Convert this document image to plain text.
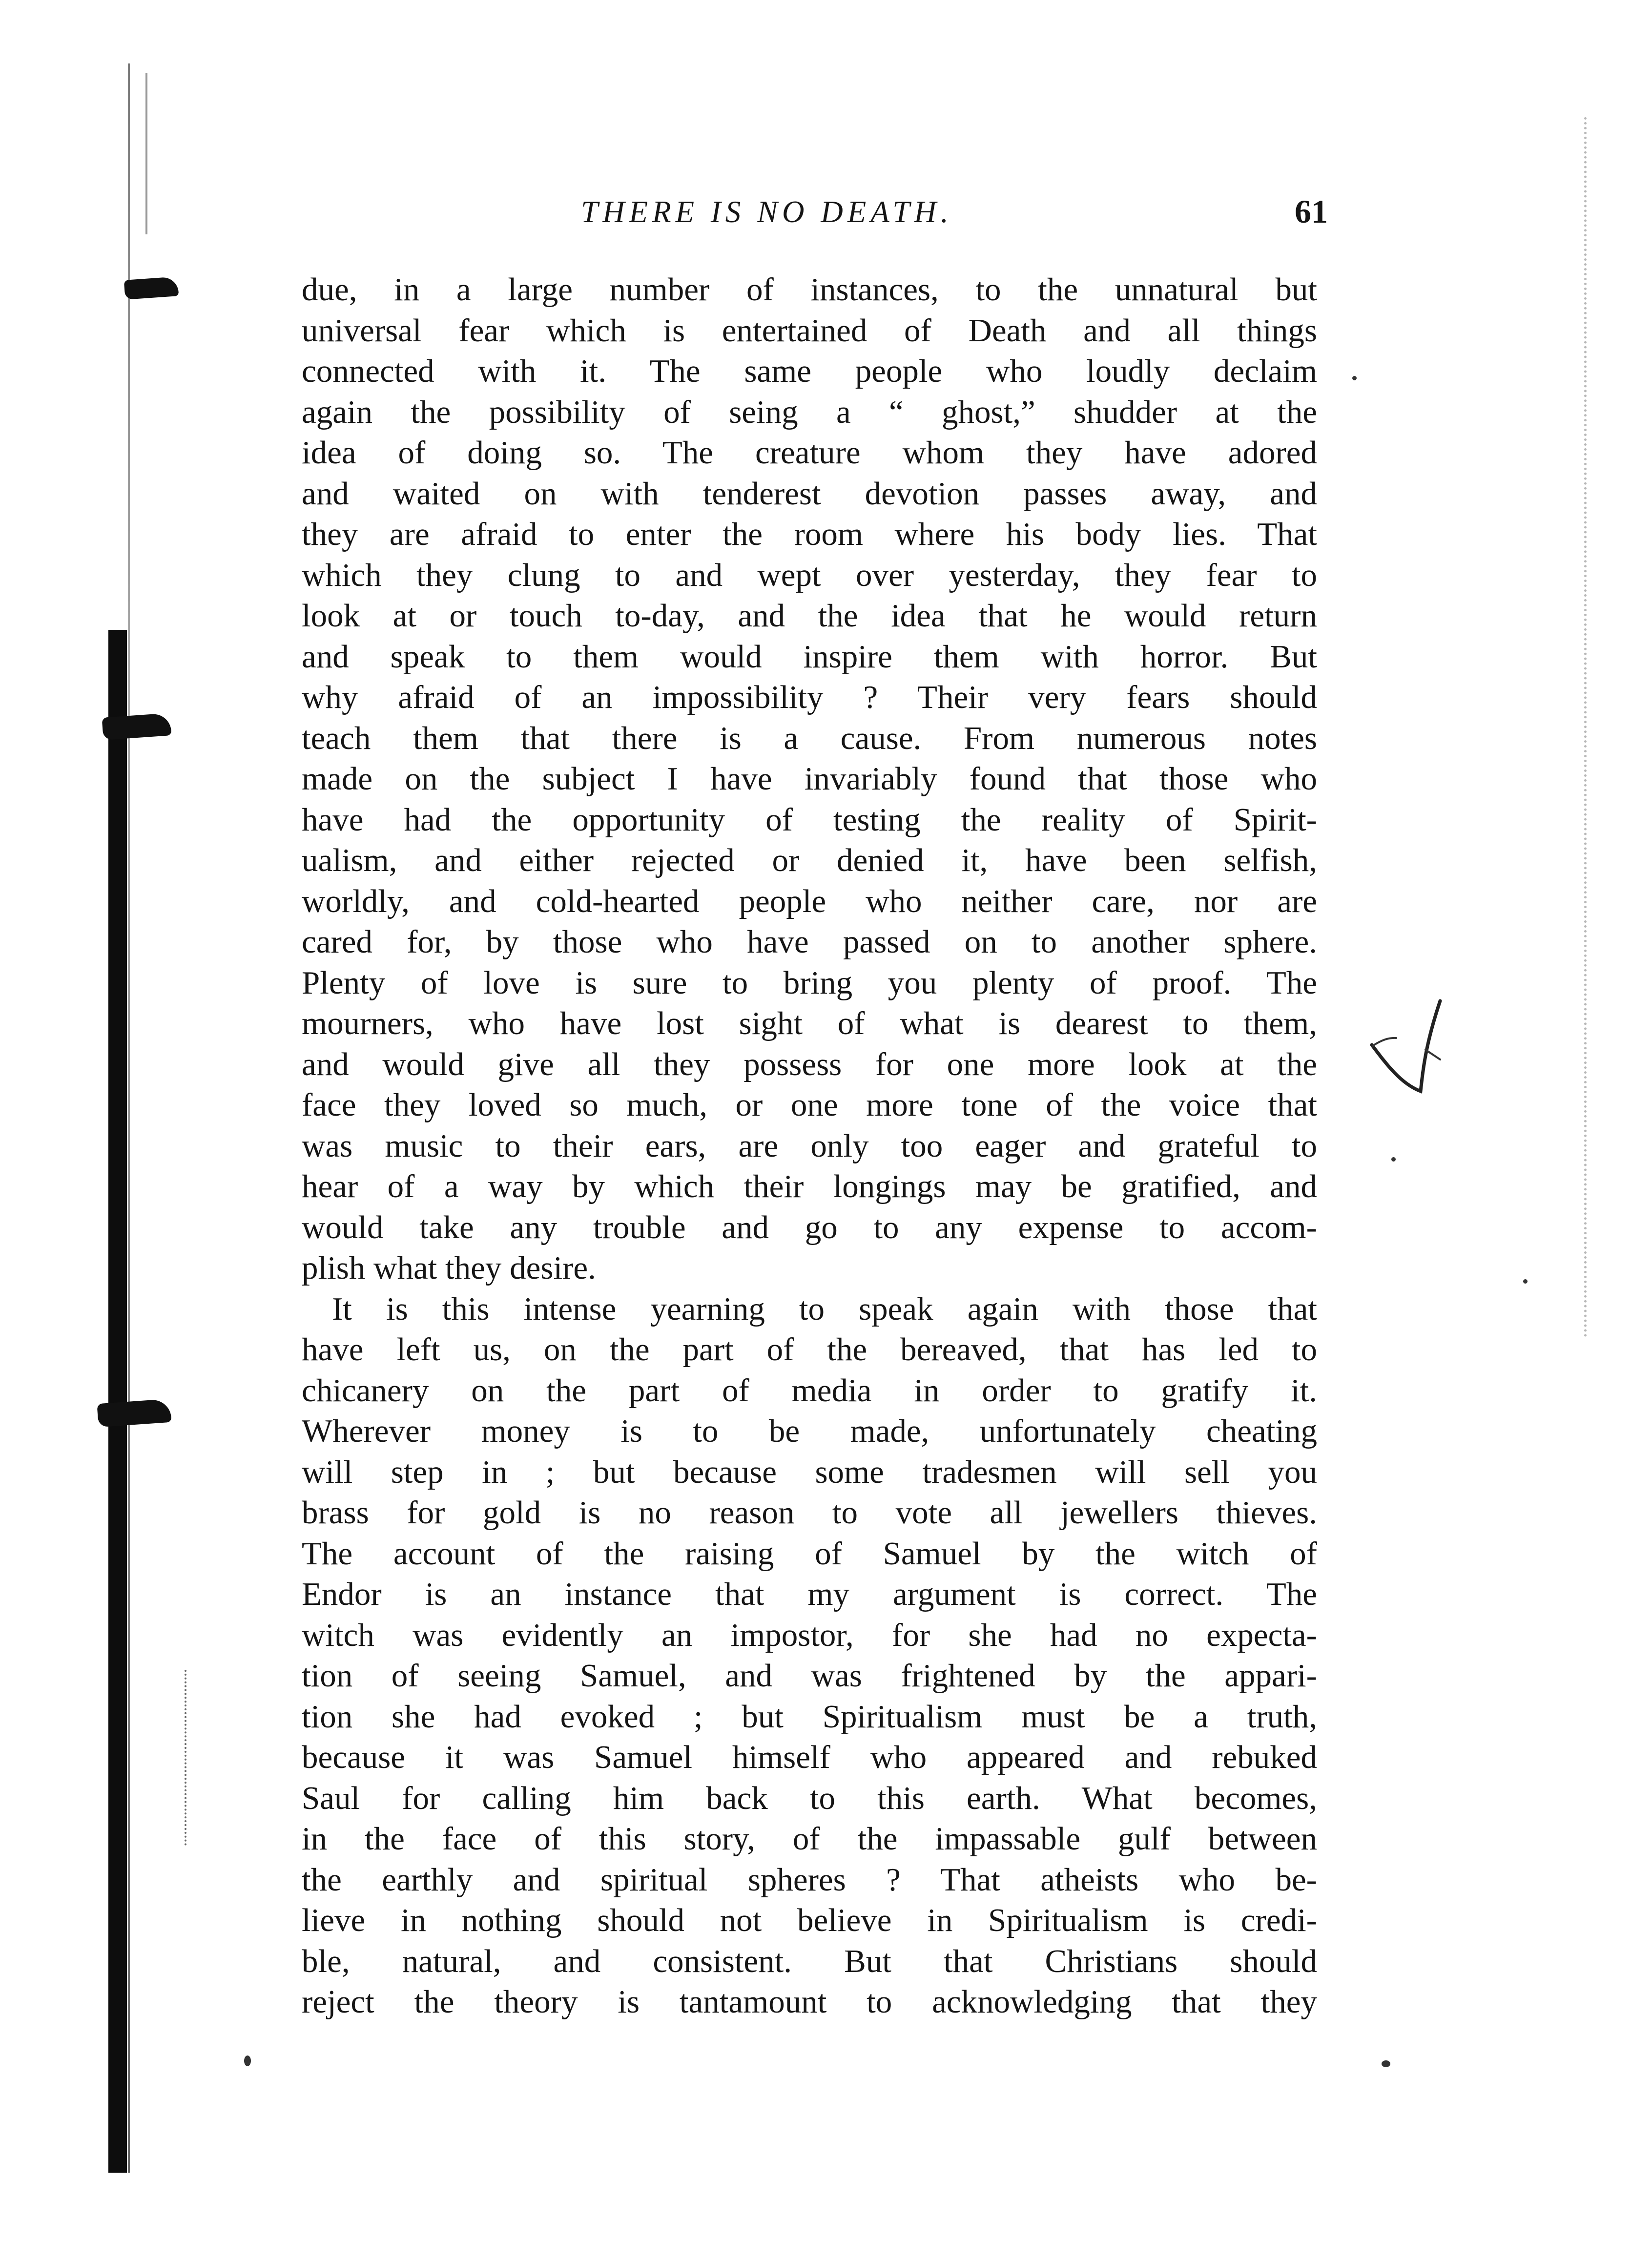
THERE IS NO DEATH.	61
due, in a large number of instances, to the unnatural but
universal fear which is entertained of Death and all things
connected with it. The same people who loudly declaim
again the possibility of seing a “ ghost,” shudder at the
idea of doing so. The creature whom they have adored
and waited on with tenderest devotion passes away, and
they are afraid to enter the room where his body lies. That
which they clung to and wept over yesterday, they fear to
look at or touch to-day, and the idea that he would return
and speak to them would inspire them with horror. But
why afraid of an impossibility ? Their very fears should
teach them that there is a cause. From numerous notes
made on the subject I have invariably found that those who
have had the opportunity of testing the reality of Spirit-
ualism, and either rejected or denied it, have been selfish,
worldly, and cold-hearted people who neither care, nor are
cared for, by those who have passed on to another sphere.
Plenty of love is sure to bring you plenty of proof. The
mourners, who have lost sight of what is dearest to them,
and would give all they possess for one more look at the
face they loved so much, or one more tone of the voice that
was music to their ears, are only too eager and grateful to
hear of a way by which their longings may be gratified, and
would take any trouble and go to any expense to accom-
plish what they desire.
It is this intense yearning to speak again with those that
have left us, on the part of the bereaved, that has led to
chicanery on the part of media in order to gratify it.
Wherever money is to be made, unfortunately cheating
will step in ; but because some tradesmen will sell you
brass for gold is no reason to vote all jewellers thieves.
The account of the raising of Samuel by the witch of
Endor is an instance that my argument is correct. The
witch was evidently an impostor, for she had no expecta-
tion of seeing Samuel, and was frightened by the appari-
tion she had evoked ; but Spiritualism must be a truth,
because it was Samuel himself who appeared and rebuked
Saul for calling him back to this earth. What becomes,
in the face of this story, of the impassable gulf between
the earthly and spiritual spheres ? That atheists who be-
lieve in nothing should not believe in Spiritualism is credi-
ble, natural, and consistent. But that Christians should
reject the theory is tantamount to acknowledging that they
